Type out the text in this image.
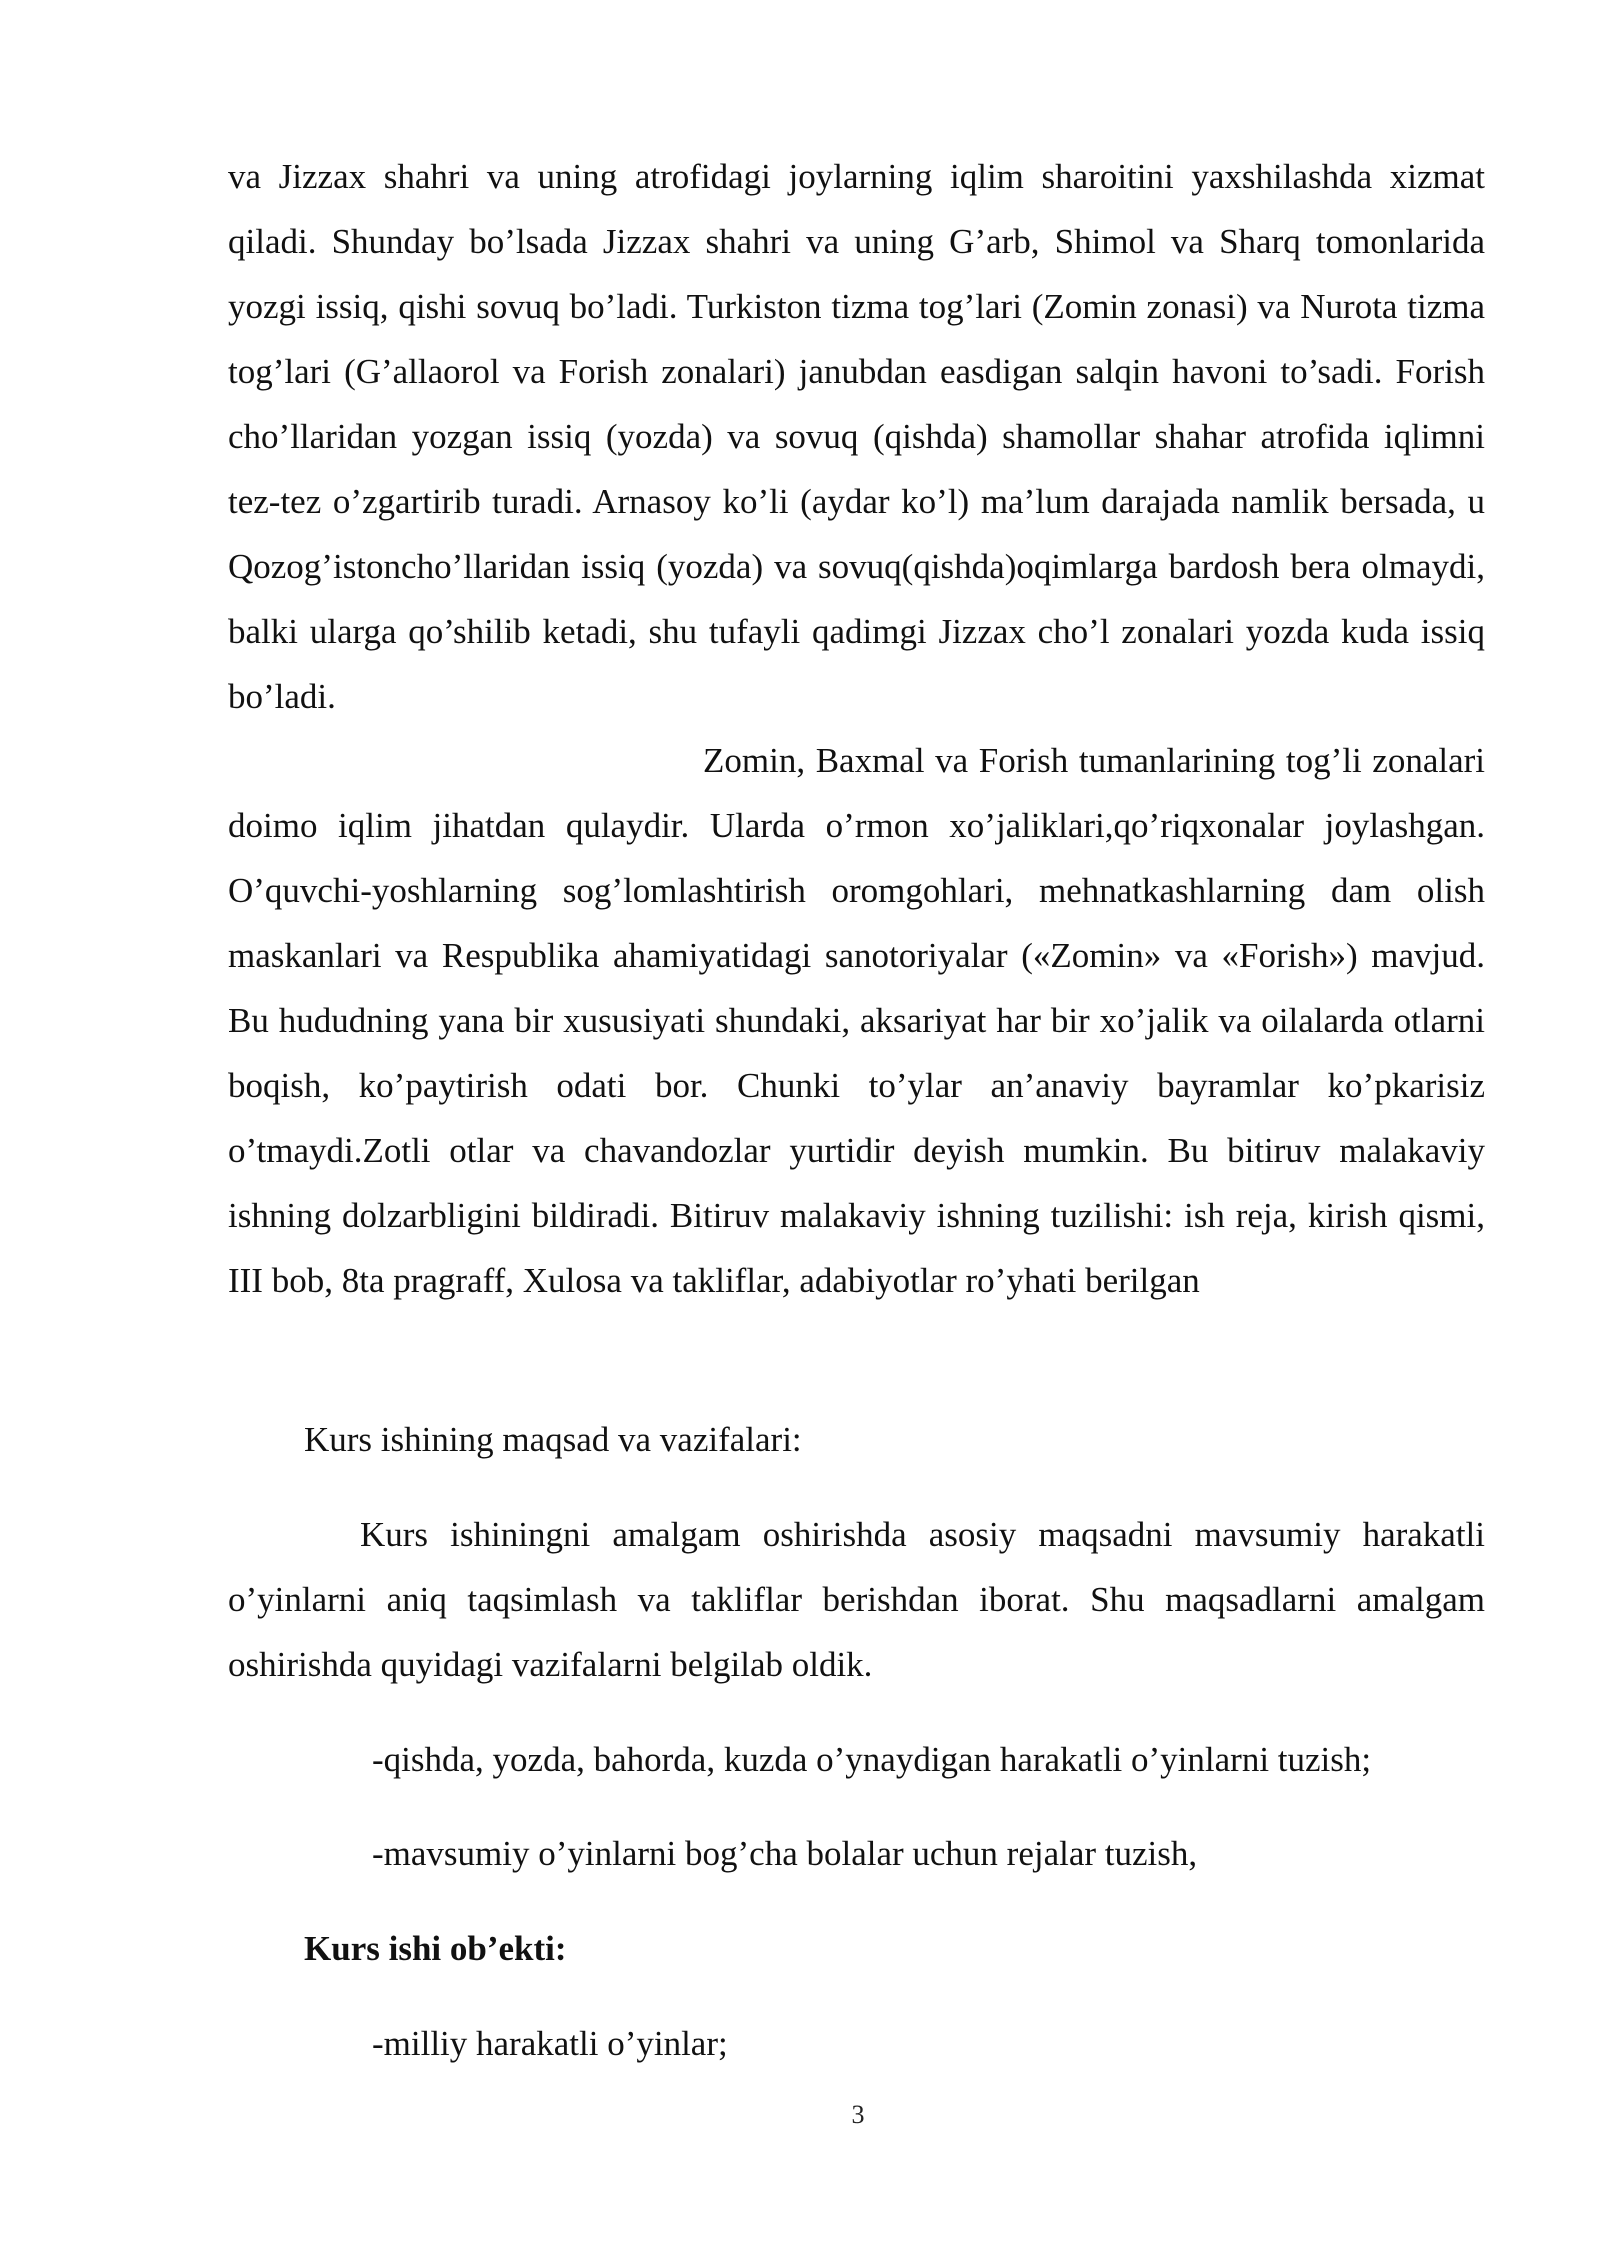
va Jizzax shahri va uning atrofidagi joylarning iqlim sharoitini yaxshilashda xizmat qiladi. Shunday bo’lsada Jizzax shahri va uning G’arb, Shimol va Sharq tomonlarida yozgi issiq, qishi sovuq bo’ladi. Turkiston tizma tog’lari (Zomin zonasi) va Nurota tizma tog’lari (G’allaorol va Forish zonalari) janubdan easdigan salqin havoni to’sadi. Forish cho’llaridan yozgan issiq (yozda) va sovuq (qishda) shamollar shahar atrofida iqlimni tez-tez o’zgartirib turadi. Arnasoy ko’li (aydar ko’l) ma’lum darajada namlik bersada, u Qozog’istoncho’llaridan issiq (yozda) va sovuq(qishda)oqimlarga bardosh bera olmaydi, balki ularga qo’shilib ketadi, shu tufayli qadimgi Jizzax cho’l zonalari yozda kuda issiq bo’ladi.

Zomin, Baxmal va Forish tumanlarining tog’li zonalari doimo iqlim jihatdan qulaydir. Ularda o’rmon xo’jaliklari,qo’riqxonalar joylashgan. O’quvchi-yoshlarning sog’lomlashtirish oromgohlari, mehnatkashlarning dam olish maskanlari va Respublika ahamiyatidagi sanotoriyalar («Zomin» va «Forish») mavjud. Bu hududning yana bir xususiyati shundaki, aksariyat har bir xo’jalik va oilalarda otlarni boqish, ko’paytirish odati bor. Chunki to’ylar an’anaviy bayramlar ko’pkarisiz o’tmaydi.Zotli otlar va chavandozlar yurtidir deyish mumkin. Bu bitiruv malakaviy ishning dolzarbligini bildiradi. Bitiruv malakaviy ishning tuzilishi: ish reja, kirish qismi, III bob, 8ta pragraff, Xulosa va takliflar, adabiyotlar ro’yhati berilgan

Kurs ishining maqsad va vazifalari:

Kurs ishiningni amalgam oshirishda asosiy maqsadni mavsumiy harakatli o’yinlarni aniq taqsimlash va takliflar berishdan iborat. Shu maqsadlarni amalgam oshirishda quyidagi vazifalarni belgilab oldik.

-qishda, yozda, bahorda, kuzda o’ynaydigan harakatli o’yinlarni tuzish;

-mavsumiy o’yinlarni bog’cha bolalar uchun rejalar tuzish,

Kurs ishi ob’ekti:

-milliy harakatli o’yinlar;

3
